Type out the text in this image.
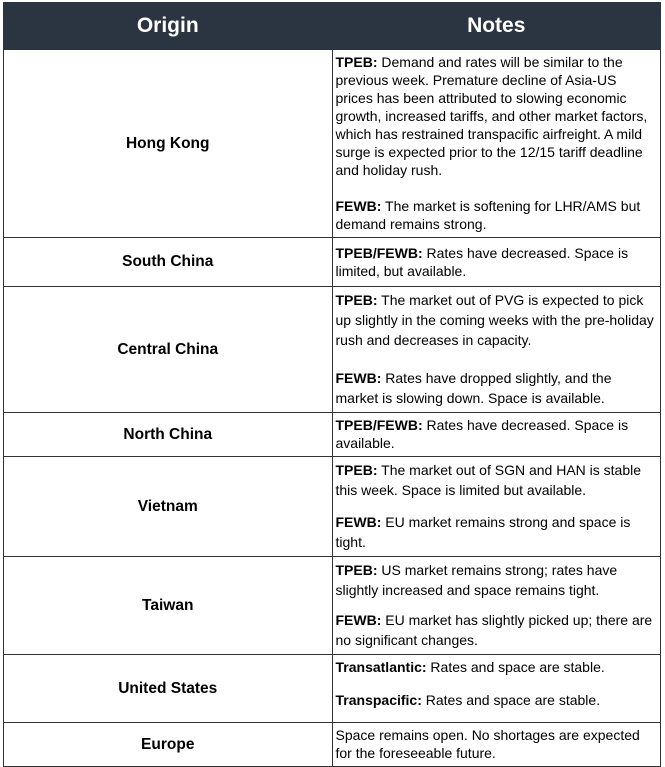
Origin	Notes
Hong Kong	TPEB: Demand and rates will be similar to the previous week. Premature decline of Asia-US prices has been attributed to slowing economic growth, increased tariffs, and other market factors, which has restrained transpacific airfreight. A mild surge is expected prior to the 12/15 tariff deadline and holiday rush.

FEWB: The market is softening for LHR/AMS but demand remains strong.

South China	TPEB/FEWB: Rates have decreased. Space is limited, but available.

Central China	TPEB: The market out of PVG is expected to pick up slightly in the coming weeks with the pre-holiday rush and decreases in capacity.

FEWB: Rates have dropped slightly, and the market is slowing down. Space is available.

North China	TPEB/FEWB: Rates have decreased. Space is available.

Vietnam	TPEB: The market out of SGN and HAN is stable this week. Space is limited but available.

FEWB: EU market remains strong and space is tight.

Taiwan	TPEB: US market remains strong; rates have slightly increased and space remains tight.

FEWB: EU market has slightly picked up; there are no significant changes.

United States	Transatlantic: Rates and space are stable.

Transpacific: Rates and space are stable.

Europe	Space remains open. No shortages are expected for the foreseeable future.
